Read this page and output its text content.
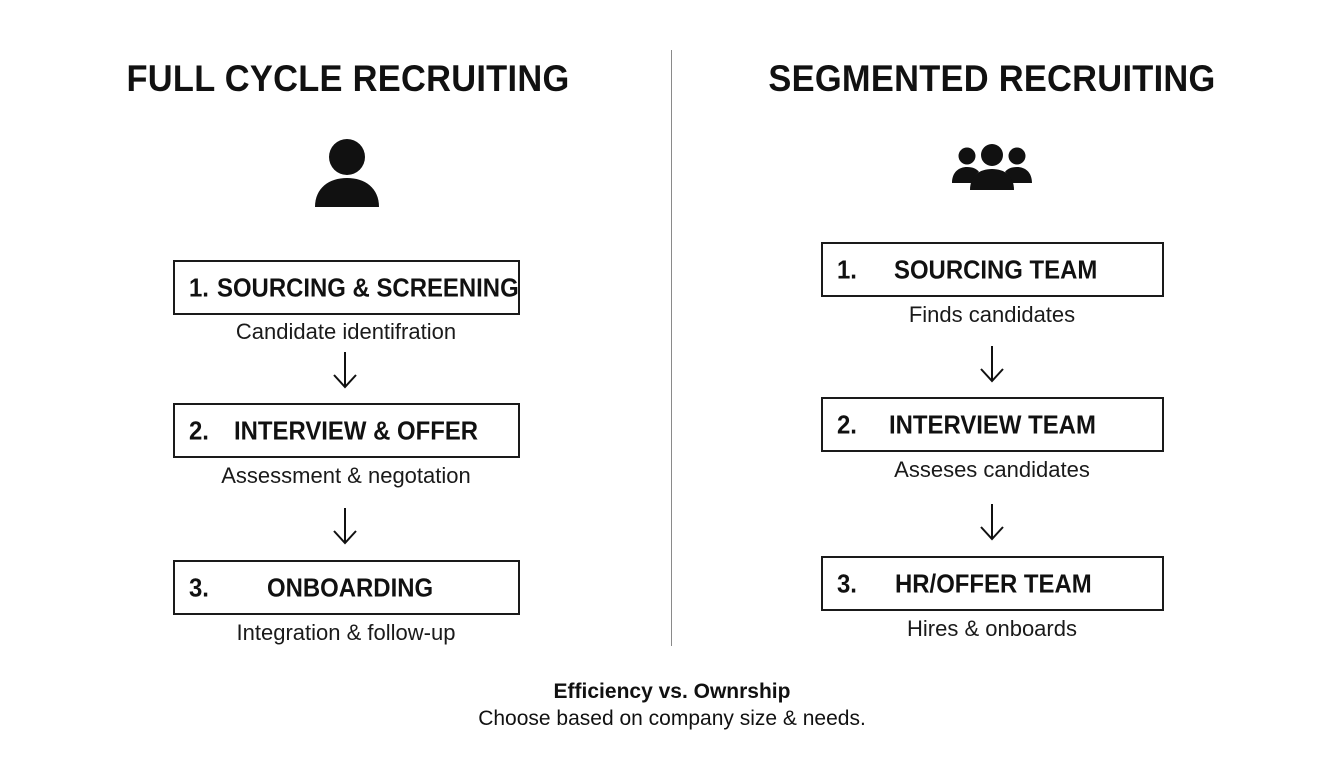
FULL CYCLE RECRUITING	SEGMENTED RECRUITING
1. SOURCING & SCREENING
Candidate identifration
2. INTERVIEW & OFFER
Assessment & negotation
3. ONBOARDING
Integration & follow-up
1. SOURCING TEAM
Finds candidates
2. INTERVIEW TEAM
Asseses candidates
3. HR/OFFER TEAM
Hires & onboards
Efficiency vs. Ownrship
Choose based on company size & needs.
